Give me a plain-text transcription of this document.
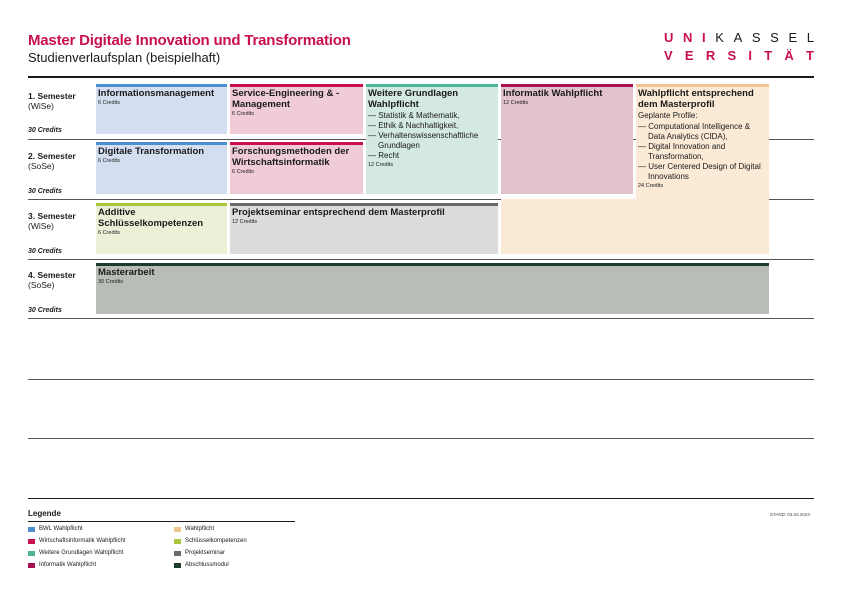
Master Digitale Innovation und Transformation
Studienverlaufsplan (beispielhaft)
U N I K A S S E L
V E R S I T Ä T
1. Semester
(WiSe)
30 Credits
2. Semester
(SoSe)
30 Credits
3. Semester
(WiSe)
30 Credits
4. Semester
(SoSe)
30 Credits
Informationsmanagement
6 Credits
Service-Engineering & -Management
6 Credits
Weitere Grundlagen Wahlpflicht
— Statistik & Mathematik,
— Ethik & Nachhaltigkeit,
— Verhaltenswissenschaftliche Grundlagen
— Recht
12 Credits
Informatik Wahlpflicht
12 Credits
Wahlpflicht entsprechend dem Masterprofil
Geplante Profile:
— Computational Intelligence & Data Analytics (CIDA),
— Digital Innovation and Transformation,
— User Centered Design of Digital Innovations
24 Credits
Digitale Transformation
6 Credits
Forschungsmethoden der Wirtschaftsinformatik
6 Credits
Additive Schlüsselkompetenzen
6 Credits
Projektseminar entsprechend dem Masterprofil
12 Credits
Masterarbeit
30 Credits
Legende
BWL Wahlpflicht
Wirtschaftsinformatik Wahlpflicht
Weitere Grundlagen Wahlpflicht
Informatik Wahlpflicht
Wahlpflicht
Schlüsselkompetenzen
Projektseminar
Abschlussmodul
STAND: 03.03.2023
